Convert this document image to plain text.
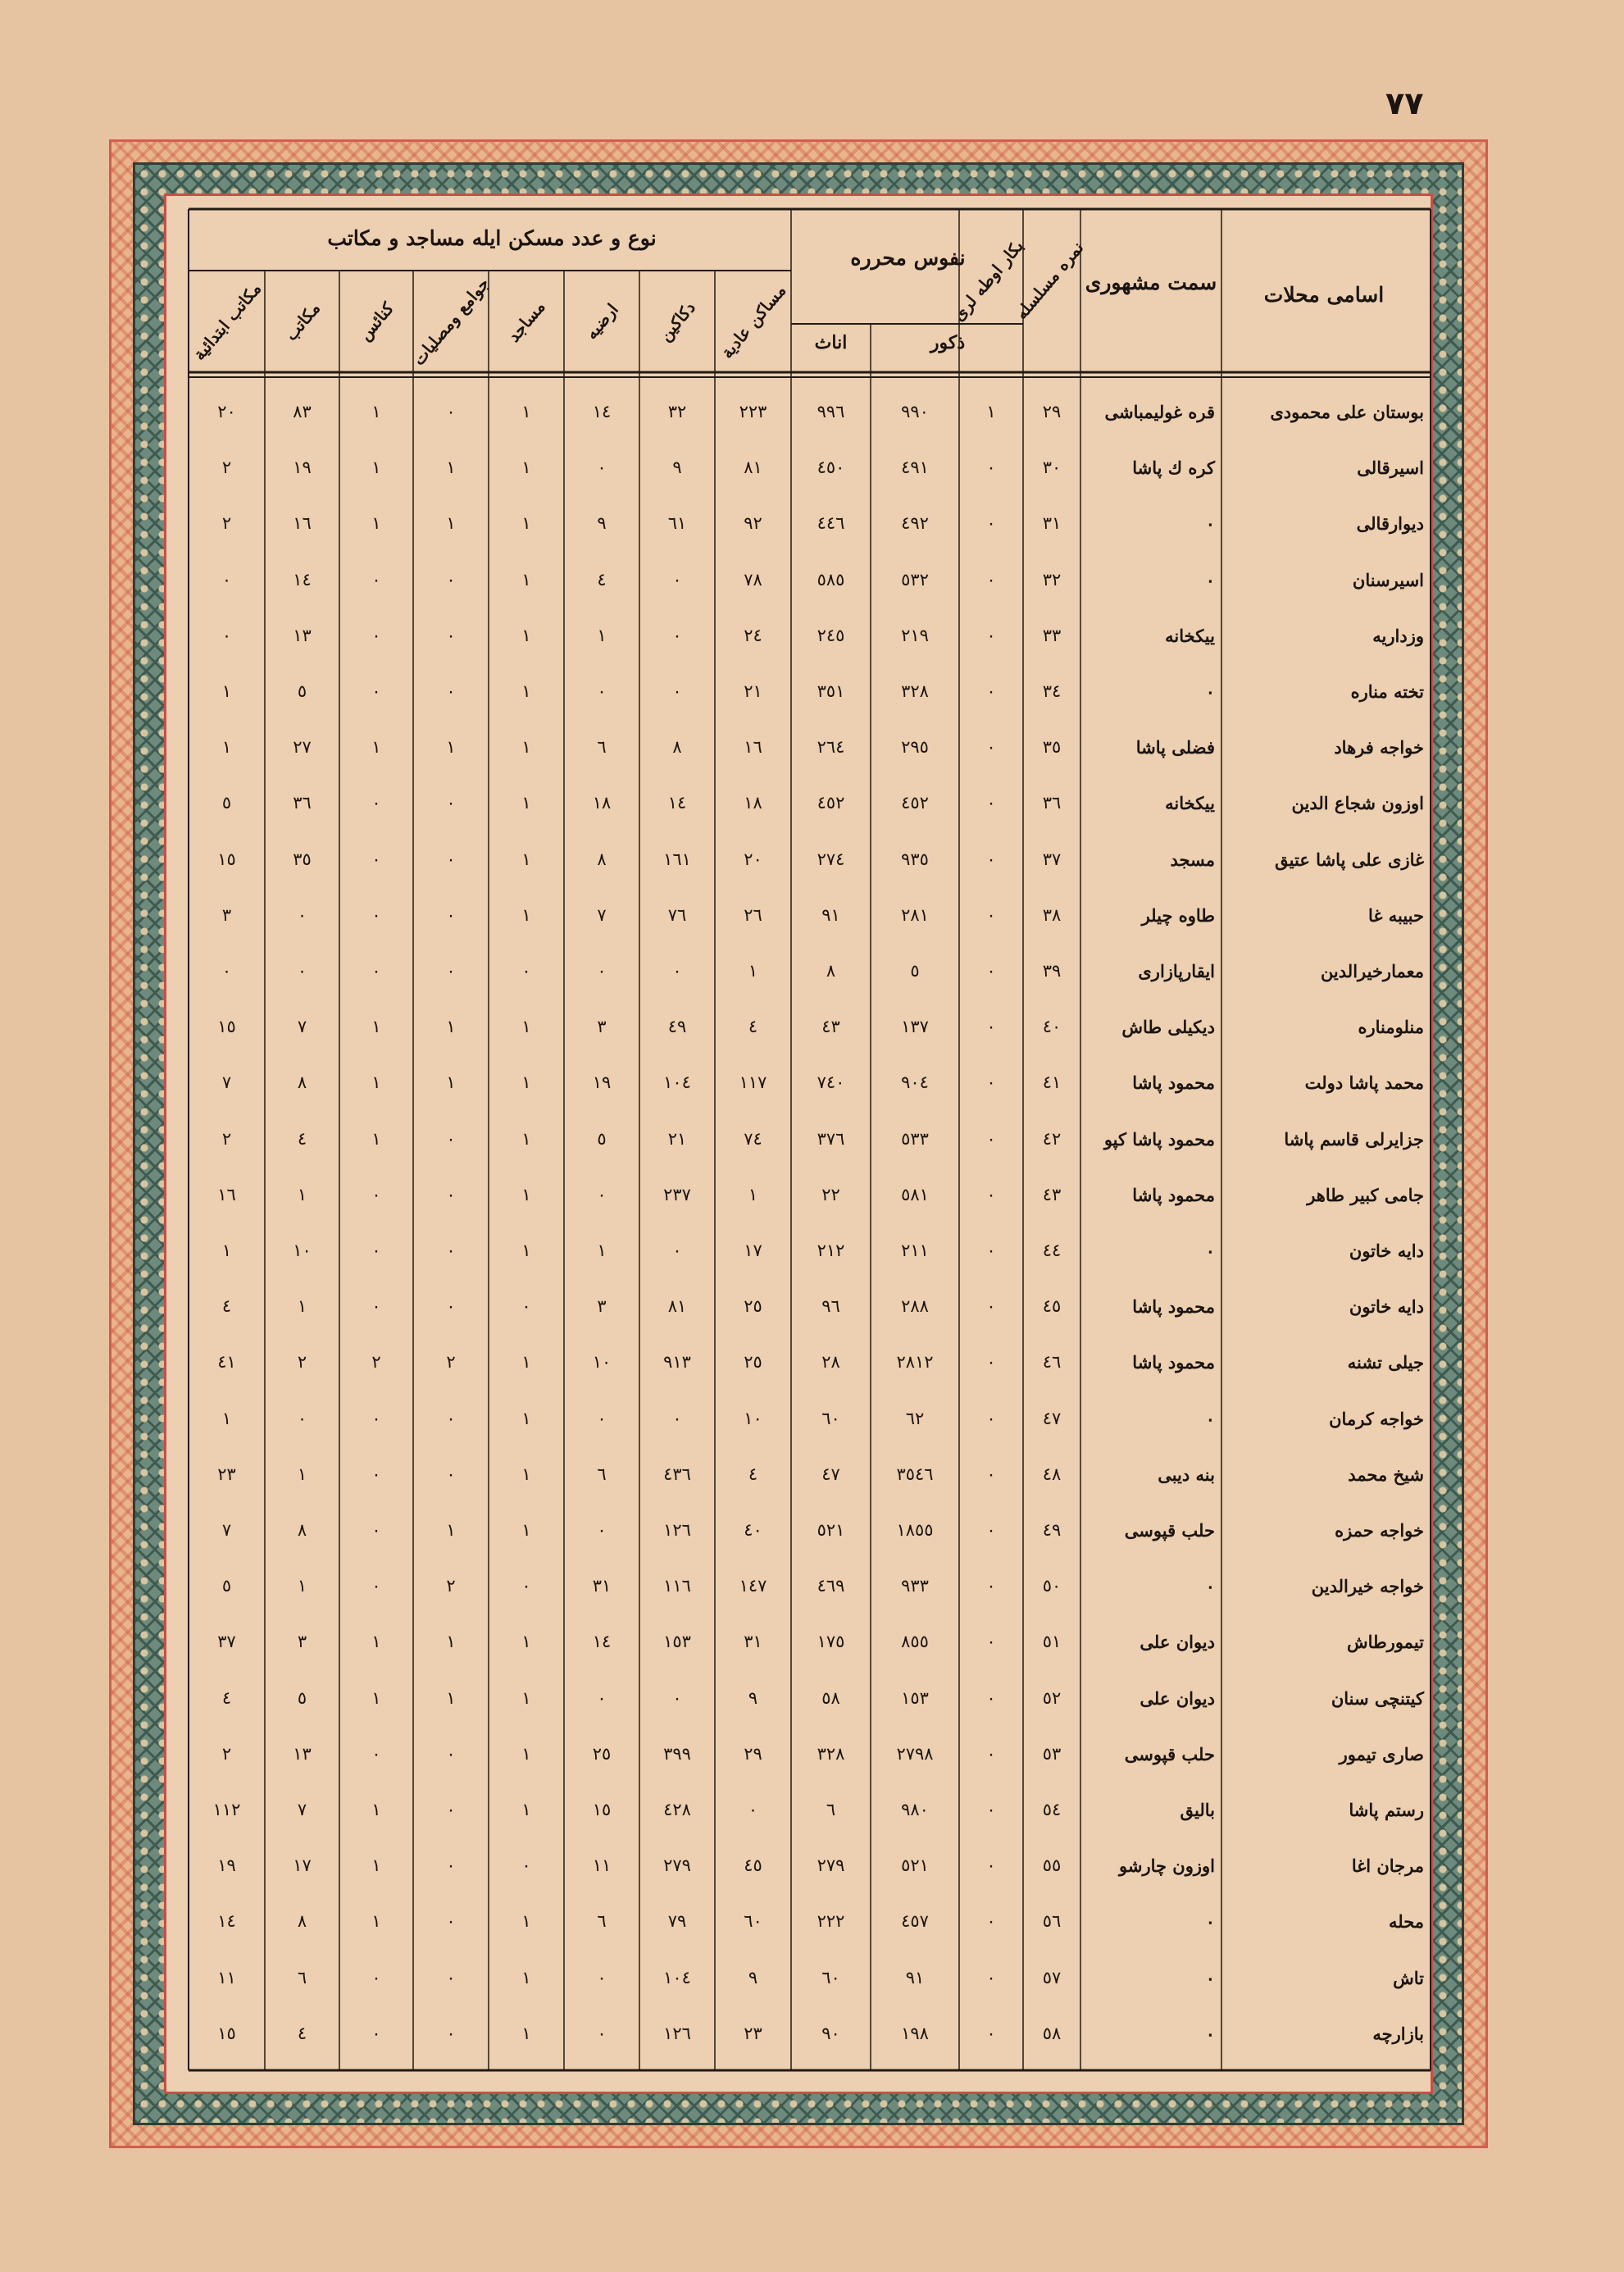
٧٧
نوع و عدد مسكن ايله مساجد و مكاتب
نفوس محرره
اسامی محلات
سمت مشهوری
نمره مسلسله
بكار اوطه لری
ذكور
اناث
مساكن عادية
دكاكين
ارضيه
مساجد
جوامع ومصليات
كنائس
مكاتب
مكاتب ابتدائية
بوستان علی محمودی
قره غولیمباشی
٢٩
١
٩٩٠
٩٩٦
٢٢٣
٣٢
١٤
١
٠
١
٨٣
٢٠
اسیرقالی
كره ك پاشا
٣٠
٠
٤٩١
٤٥٠
٨١
٩
٠
١
١
١
١٩
٢
دیوارقالی
٠
٣١
٠
٤٩٢
٤٤٦
٩٢
٦١
٩
١
١
١
١٦
٢
اسیرسنان
٠
٣٢
٠
٥٣٢
٥٨٥
٧٨
٠
٤
١
٠
٠
١٤
٠
وزداریه
ییكخانه
٣٣
٠
٢١٩
٢٤٥
٢٤
٠
١
١
٠
٠
١٣
٠
تخته مناره
٠
٣٤
٠
٣٢٨
٣٥١
٢١
٠
٠
١
٠
٠
٥
١
خواجه فرهاد
فضلی پاشا
٣٥
٠
٢٩٥
٢٦٤
١٦
٨
٦
١
١
١
٢٧
١
اوزون شجاع الدین
ییكخانه
٣٦
٠
٤٥٢
٤٥٢
١٨
١٤
١٨
١
٠
٠
٣٦
٥
غازی علی پاشا عتیق
مسجد
٣٧
٠
٩٣٥
٢٧٤
٢٠
١٦١
٨
١
٠
٠
٣٥
١٥
حبیبه غا
طاوه چیلر
٣٨
٠
٢٨١
٩١
٢٦
٧٦
٧
١
٠
٠
٠
٣
معمارخیرالدین
ایقارپازاری
٣٩
٠
٥
٨
١
٠
٠
٠
٠
٠
٠
٠
منلومناره
دیكیلی طاش
٤٠
٠
١٣٧
٤٣
٤
٤٩
٣
١
١
١
٧
١٥
محمد پاشا دولت
محمود پاشا
٤١
٠
٩٠٤
٧٤٠
١١٧
١٠٤
١٩
١
١
١
٨
٧
جزایرلی قاسم پاشا
محمود پاشا كپو
٤٢
٠
٥٣٣
٣٧٦
٧٤
٢١
٥
١
٠
١
٤
٢
جامی كبیر طاهر
محمود پاشا
٤٣
٠
٥٨١
٢٢
١
٢٣٧
٠
١
٠
٠
١
١٦
دایه خاتون
٠
٤٤
٠
٢١١
٢١٢
١٧
٠
١
١
٠
٠
١٠
١
دایه خاتون
محمود پاشا
٤٥
٠
٢٨٨
٩٦
٢٥
٨١
٣
٠
٠
٠
١
٤
جیلی تشنه
محمود پاشا
٤٦
٠
٢٨١٢
٢٨
٢٥
٩١٣
١٠
١
٢
٢
٢
٤١
خواجه كرمان
٠
٤٧
٠
٦٢
٦٠
١٠
٠
٠
١
٠
٠
٠
١
شیخ محمد
بنه دیبی
٤٨
٠
٣٥٤٦
٤٧
٤
٤٣٦
٦
١
٠
٠
١
٢٣
خواجه حمزه
حلب قپوسی
٤٩
٠
١٨٥٥
٥٢١
٤٠
١٢٦
٠
١
١
٠
٨
٧
خواجه خیرالدین
٠
٥٠
٠
٩٣٣
٤٦٩
١٤٧
١١٦
٣١
٠
٢
٠
١
٥
تیمورطاش
دیوان علی
٥١
٠
٨٥٥
١٧٥
٣١
١٥٣
١٤
١
١
١
٣
٣٧
كیتنچی سنان
دیوان علی
٥٢
٠
١٥٣
٥٨
٩
٠
٠
١
١
١
٥
٤
صاری تیمور
حلب قپوسی
٥٣
٠
٢٧٩٨
٣٢٨
٢٩
٣٩٩
٢٥
١
٠
٠
١٣
٢
رستم پاشا
بالیق
٥٤
٠
٩٨٠
٦
٠
٤٢٨
١٥
١
٠
١
٧
١١٢
مرجان اغا
اوزون چارشو
٥٥
٠
٥٢١
٢٧٩
٤٥
٢٧٩
١١
٠
٠
١
١٧
١٩
محله
٠
٥٦
٠
٤٥٧
٢٢٢
٦٠
٧٩
٦
١
٠
١
٨
١٤
تاش
٠
٥٧
٠
٩١
٦٠
٩
١٠٤
٠
١
٠
٠
٦
١١
بازارچه
٠
٥٨
٠
١٩٨
٩٠
٢٣
١٢٦
٠
١
٠
٠
٤
١٥
